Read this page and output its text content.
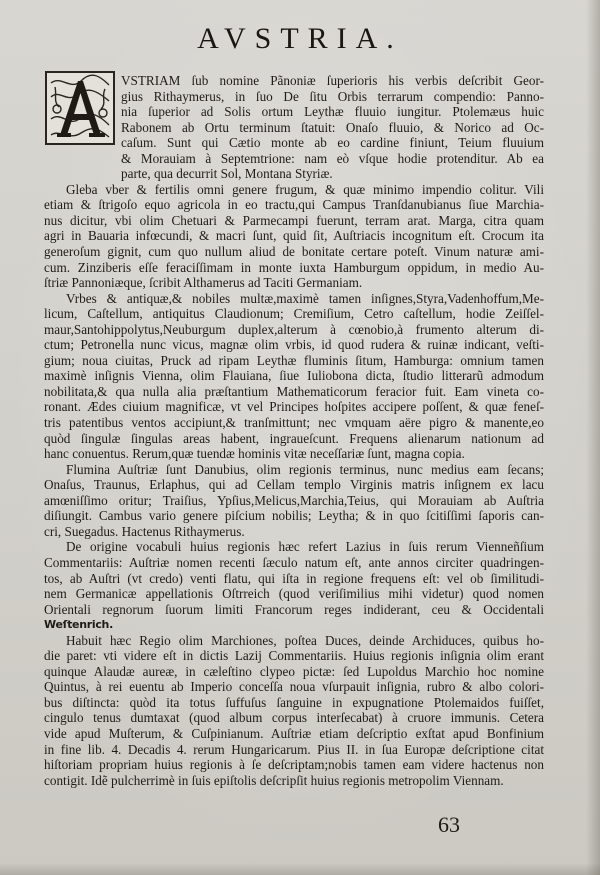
AVSTRIA.
VSTRIAM ſub nomine Pãnoniæ ſuperioris his verbis deſcribit Geor-
gius Rithaymerus, in ſuo De ſitu Orbis terrarum compendio: Panno-
nia ſuperior ad Solis ortum Leythæ fluuio iungitur. Ptolemæus huic
Rabonem ab Ortu terminum ſtatuit: Onaſo fluuio, & Norico ad Oc-
caſum. Sunt qui Cætio monte ab eo cardine finiunt, Teium fluuium
& Morauiam à Septemtrione: nam eò vſque hodie protenditur. Ab ea
parte, qua decurrit Sol, Montana Styriæ.
Gleba vber & fertilis omni genere frugum, & quæ minimo impendio colitur. Vili
etiam & ſtrigoſo equo agricola in eo tractu,qui Campus Tranſdanubianus ſiue Marchia-
nus dicitur, vbi olim Chetuari & Parmecampi fuerunt, terram arat. Marga, citra quam
agri in Bauaria infœcundi, & macri ſunt, quid ſit, Auſtriacis incognitum eſt. Crocum ita
generoſum gignit, cum quo nullum aliud de bonitate certare poteſt. Vinum naturæ ami-
cum. Zinziberis eſſe feraciſſimam in monte iuxta Hamburgum oppidum, in medio Au-
ſtriæ Pannoniæque, ſcribit Althamerus ad Taciti Germaniam.
Vrbes & antiquæ,& nobiles multæ,maximè tamen inſignes,Styra,Vadenhoffum,Me-
licum, Caſtellum, antiquitus Claudionum; Cremiſium, Cetro caſtellum, hodie Zeiſſel-
maur,Santohippolytus,Neuburgum duplex,alterum à cœnobio,à frumento alterum di-
ctum; Petronella nunc vicus, magnæ olim vrbis, id quod rudera & ruinæ indicant, veſti-
gium; noua ciuitas, Pruck ad ripam Leythæ fluminis ſitum, Hamburga: omnium tamen
maximè inſignis Vienna, olim Flauiana, ſiue Iuliobona dicta, ſtudio litterarũ admodum
nobilitata,& qua nulla alia præſtantium Mathematicorum feracior fuit. Eam vineta co-
ronant. Ædes ciuium magnificæ, vt vel Principes hoſpites accipere poſſent, & quæ feneſ-
tris patentibus ventos accipiunt,& tranſmittunt; nec vmquam aëre pigro & manente,eo
quòd ſingulæ ſingulas areas habent, ingraueſcunt. Frequens alienarum nationum ad
hanc conuentus. Rerum,quæ tuendæ hominis vitæ neceſſariæ ſunt, magna copia.
Flumina Auſtriæ ſunt Danubius, olim regionis terminus, nunc medius eam ſecans;
Onaſus, Traunus, Erlaphus, qui ad Cellam templo Virginis matris inſignem ex lacu
amœniſſimo oritur; Traiſius, Ypſius,Melicus,Marchia,Teius, qui Morauiam ab Auſtria
diſiungit. Cambus vario genere piſcium nobilis; Leytha; & in quo ſcitiſſimi ſaporis can-
cri, Suegadus. Hactenus Rithaymerus.
De origine vocabuli huius regionis hæc refert Lazius in ſuis rerum Vienneñſium
Commentariis: Auſtriæ nomen recenti ſæculo natum eſt, ante annos circiter quadringen-
tos, ab Auſtri (vt credo) venti flatu, qui iſta in regione frequens eſt: vel ob ſimilitudi-
nem Germanicæ appellationis Oſtrreich (quod veriſimilius mihi videtur) quod nomen
Orientali regnorum ſuorum limiti Francorum reges indiderant, ceu & Occidentali
Weſtenrich.
Habuit hæc Regio olim Marchiones, poſtea Duces, deinde Archiduces, quibus ho-
die paret: vti videre eſt in dictis Lazij Commentariis. Huius regionis inſignia olim erant
quinque Alaudæ aureæ, in cæleſtino clypeo pictæ: ſed Lupoldus Marchio hoc nomine
Quintus, à rei euentu ab Imperio conceſſa noua vſurpauit inſignia, rubro & albo colori-
bus diſtincta: quòd ita totus ſuffuſus ſanguine in expugnatione Ptolemaidos fuiſſet,
cingulo tenus dumtaxat (quod album corpus interſecabat) à cruore immunis. Cetera
vide apud Muſterum, & Cuſpinianum. Auſtriæ etiam deſcriptio exſtat apud Bonfinium
in fine lib. 4. Decadis 4. rerum Hungaricarum. Pius II. in ſua Europæ deſcriptione citat
hiſtoriam propriam huius regionis à ſe deſcriptam;nobis tamen eam videre hactenus non
contigit. Idẽ pulcherrimè in ſuis epiſtolis deſcripſit huius regionis metropolim Viennam.
63
